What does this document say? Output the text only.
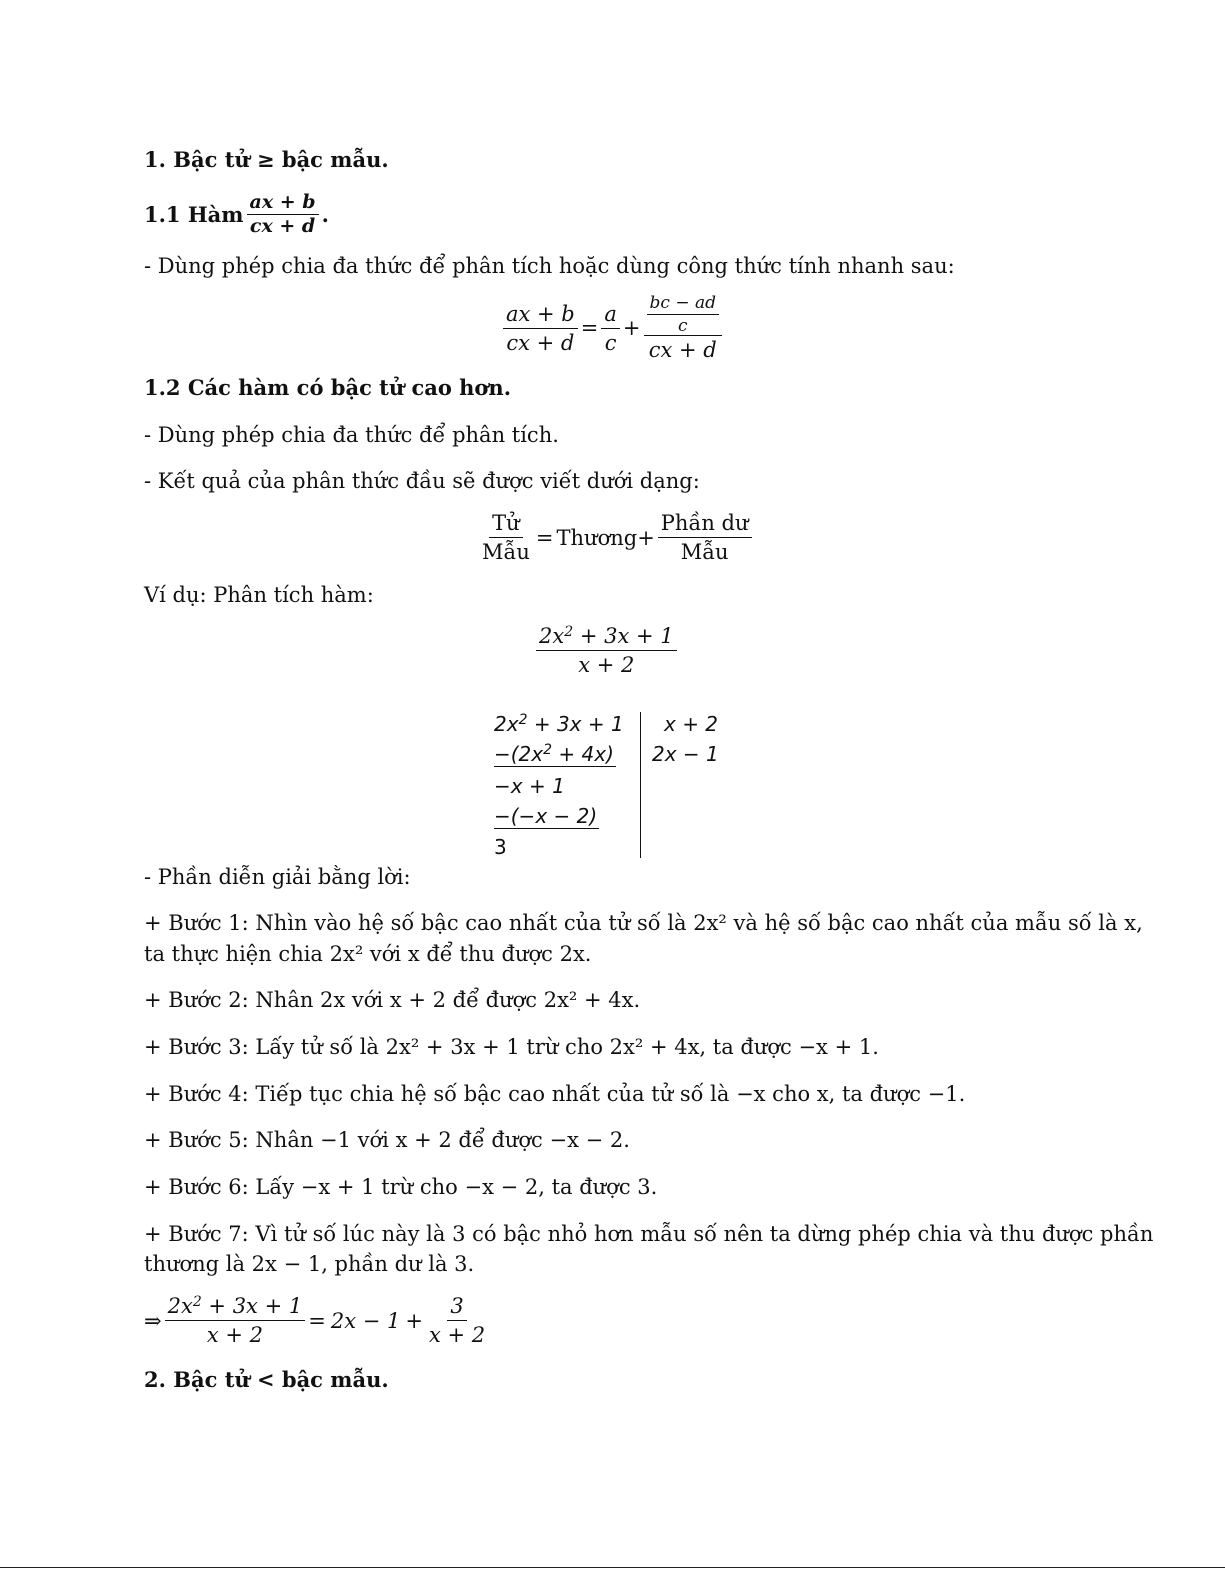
1. Bậc tử ≥ bậc mẫu.
1.1 Hàm $\frac{ax + b}{cx + d}$ .
- Dùng phép chia đa thức để phân tích hoặc dùng công thức tính nhanh sau:
$\frac{ax + b}{cx + d} = \frac{a}{c} + \frac{\frac{bc - ad}{c}}{cx + d}$
1.2 Các hàm có bậc tử cao hơn.
- Dùng phép chia đa thức để phân tích.
- Kết quả của phân thức đầu sẽ được viết dưới dạng:
$\frac{\text{Tử}}{\text{Mẫu}}$ = Thương + $\frac{\text{Phần dư}}{\text{Mẫu}}$
Ví dụ: Phân tích hàm:
$\frac{2x^2 + 3x + 1}{x + 2}$
$2x^2 + 3x + 1$
$-(2x^2 + 4x)$
−x + 1
−(−x − 2)
3
x + 2
2x − 1
- Phần diễn giải bằng lời:
+ Bước 1: Nhìn vào hệ số bậc cao nhất của tử số là 2x² và hệ số bậc cao nhất của mẫu số là x,
ta thực hiện chia 2x² với x để thu được 2x.
+ Bước 2: Nhân 2x với x + 2 để được 2x² + 4x.
+ Bước 3: Lấy tử số là 2x² + 3x + 1 trừ cho 2x² + 4x, ta được −x + 1.
+ Bước 4: Tiếp tục chia hệ số bậc cao nhất của tử số là −x cho x, ta được −1.
+ Bước 5: Nhân −1 với x + 2 để được −x − 2.
+ Bước 6: Lấy −x + 1 trừ cho −x − 2, ta được 3.
+ Bước 7: Vì tử số lúc này là 3 có bậc nhỏ hơn mẫu số nên ta dừng phép chia và thu được phần
thương là 2x − 1, phần dư là 3.
⇒ $\frac{2x^2 + 3x + 1}{x + 2} = 2x - 1 + \frac{3}{x + 2}$
2. Bậc tử < bậc mẫu.
